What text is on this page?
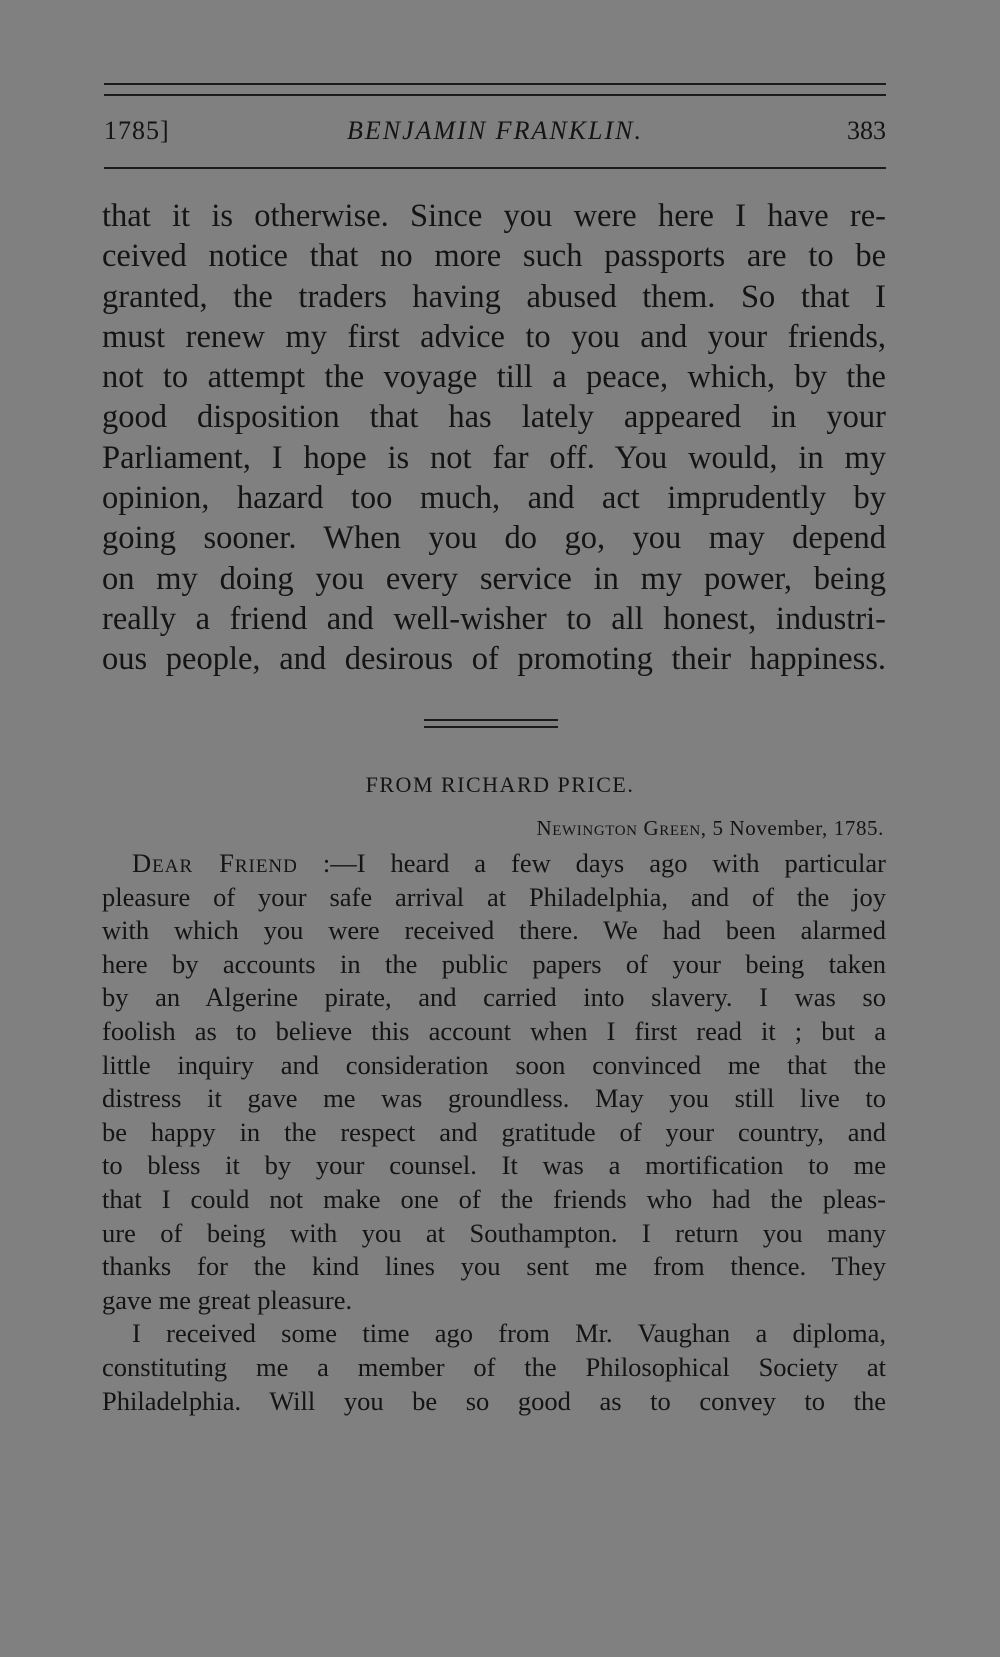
1785]	BENJAMIN FRANKLIN.	383
that it is otherwise. Since you were here I have re-
ceived notice that no more such passports are to be
granted, the traders having abused them. So that I
must renew my first advice to you and your friends,
not to attempt the voyage till a peace, which, by the
good disposition that has lately appeared in your
Parliament, I hope is not far off. You would, in my
opinion, hazard too much, and act imprudently by
going sooner. When you do go, you may depend
on my doing you every service in my power, being
really a friend and well-wisher to all honest, industri-
ous people, and desirous of promoting their happiness.
FROM RICHARD PRICE.
Newington Green, 5 November, 1785.
Dear Friend :—I heard a few days ago with particular
pleasure of your safe arrival at Philadelphia, and of the joy
with which you were received there. We had been alarmed
here by accounts in the public papers of your being taken
by an Algerine pirate, and carried into slavery. I was so
foolish as to believe this account when I first read it ; but a
little inquiry and consideration soon convinced me that the
distress it gave me was groundless. May you still live to
be happy in the respect and gratitude of your country, and
to bless it by your counsel. It was a mortification to me
that I could not make one of the friends who had the pleas-
ure of being with you at Southampton. I return you many
thanks for the kind lines you sent me from thence. They
gave me great pleasure.
I received some time ago from Mr. Vaughan a diploma,
constituting me a member of the Philosophical Society at
Philadelphia. Will you be so good as to convey to the
